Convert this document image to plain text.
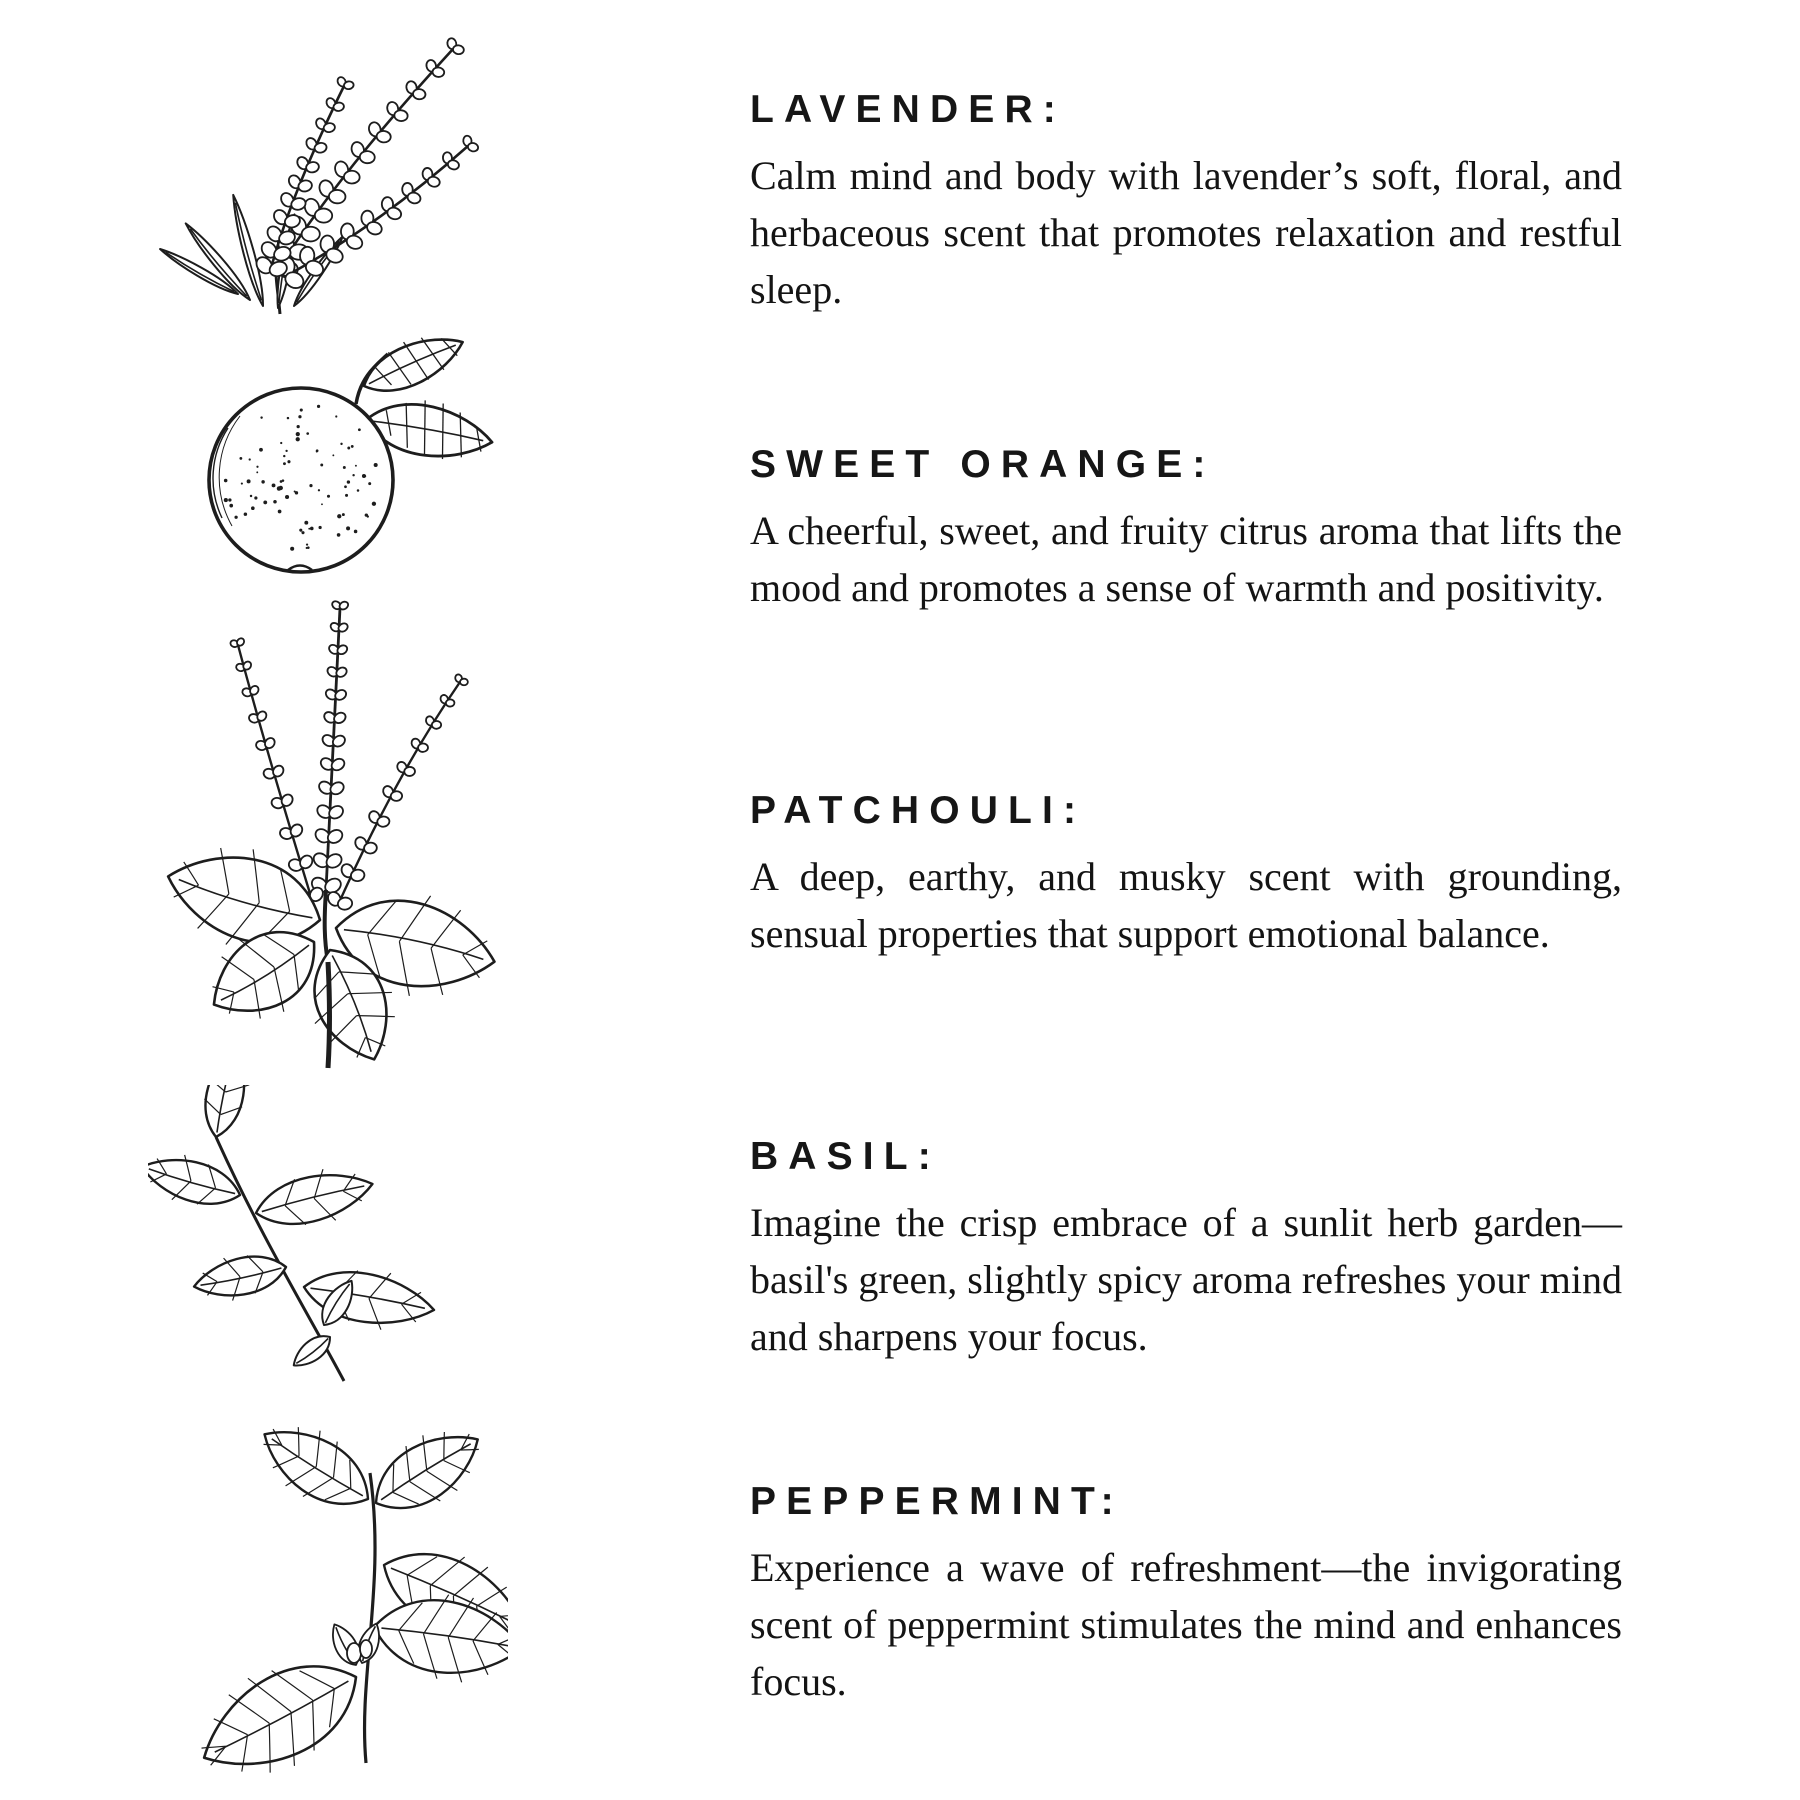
LAVENDER:

Calm mind and body with lavender’s soft, floral, and herbaceous scent that promotes relaxation and restful sleep.

SWEET ORANGE:

A cheerful, sweet, and fruity citrus aroma that lifts the mood and promotes a sense of warmth and positivity.

PATCHOULI:

A deep, earthy, and musky scent with grounding, sensual properties that support emotional balance.

BASIL:

Imagine the crisp embrace of a sunlit herb garden—basil's green, slightly spicy aroma refreshes your mind and sharpens your focus.

PEPPERMINT:

Experience a wave of refreshment—the invigorating scent of peppermint stimulates the mind and enhances focus.
